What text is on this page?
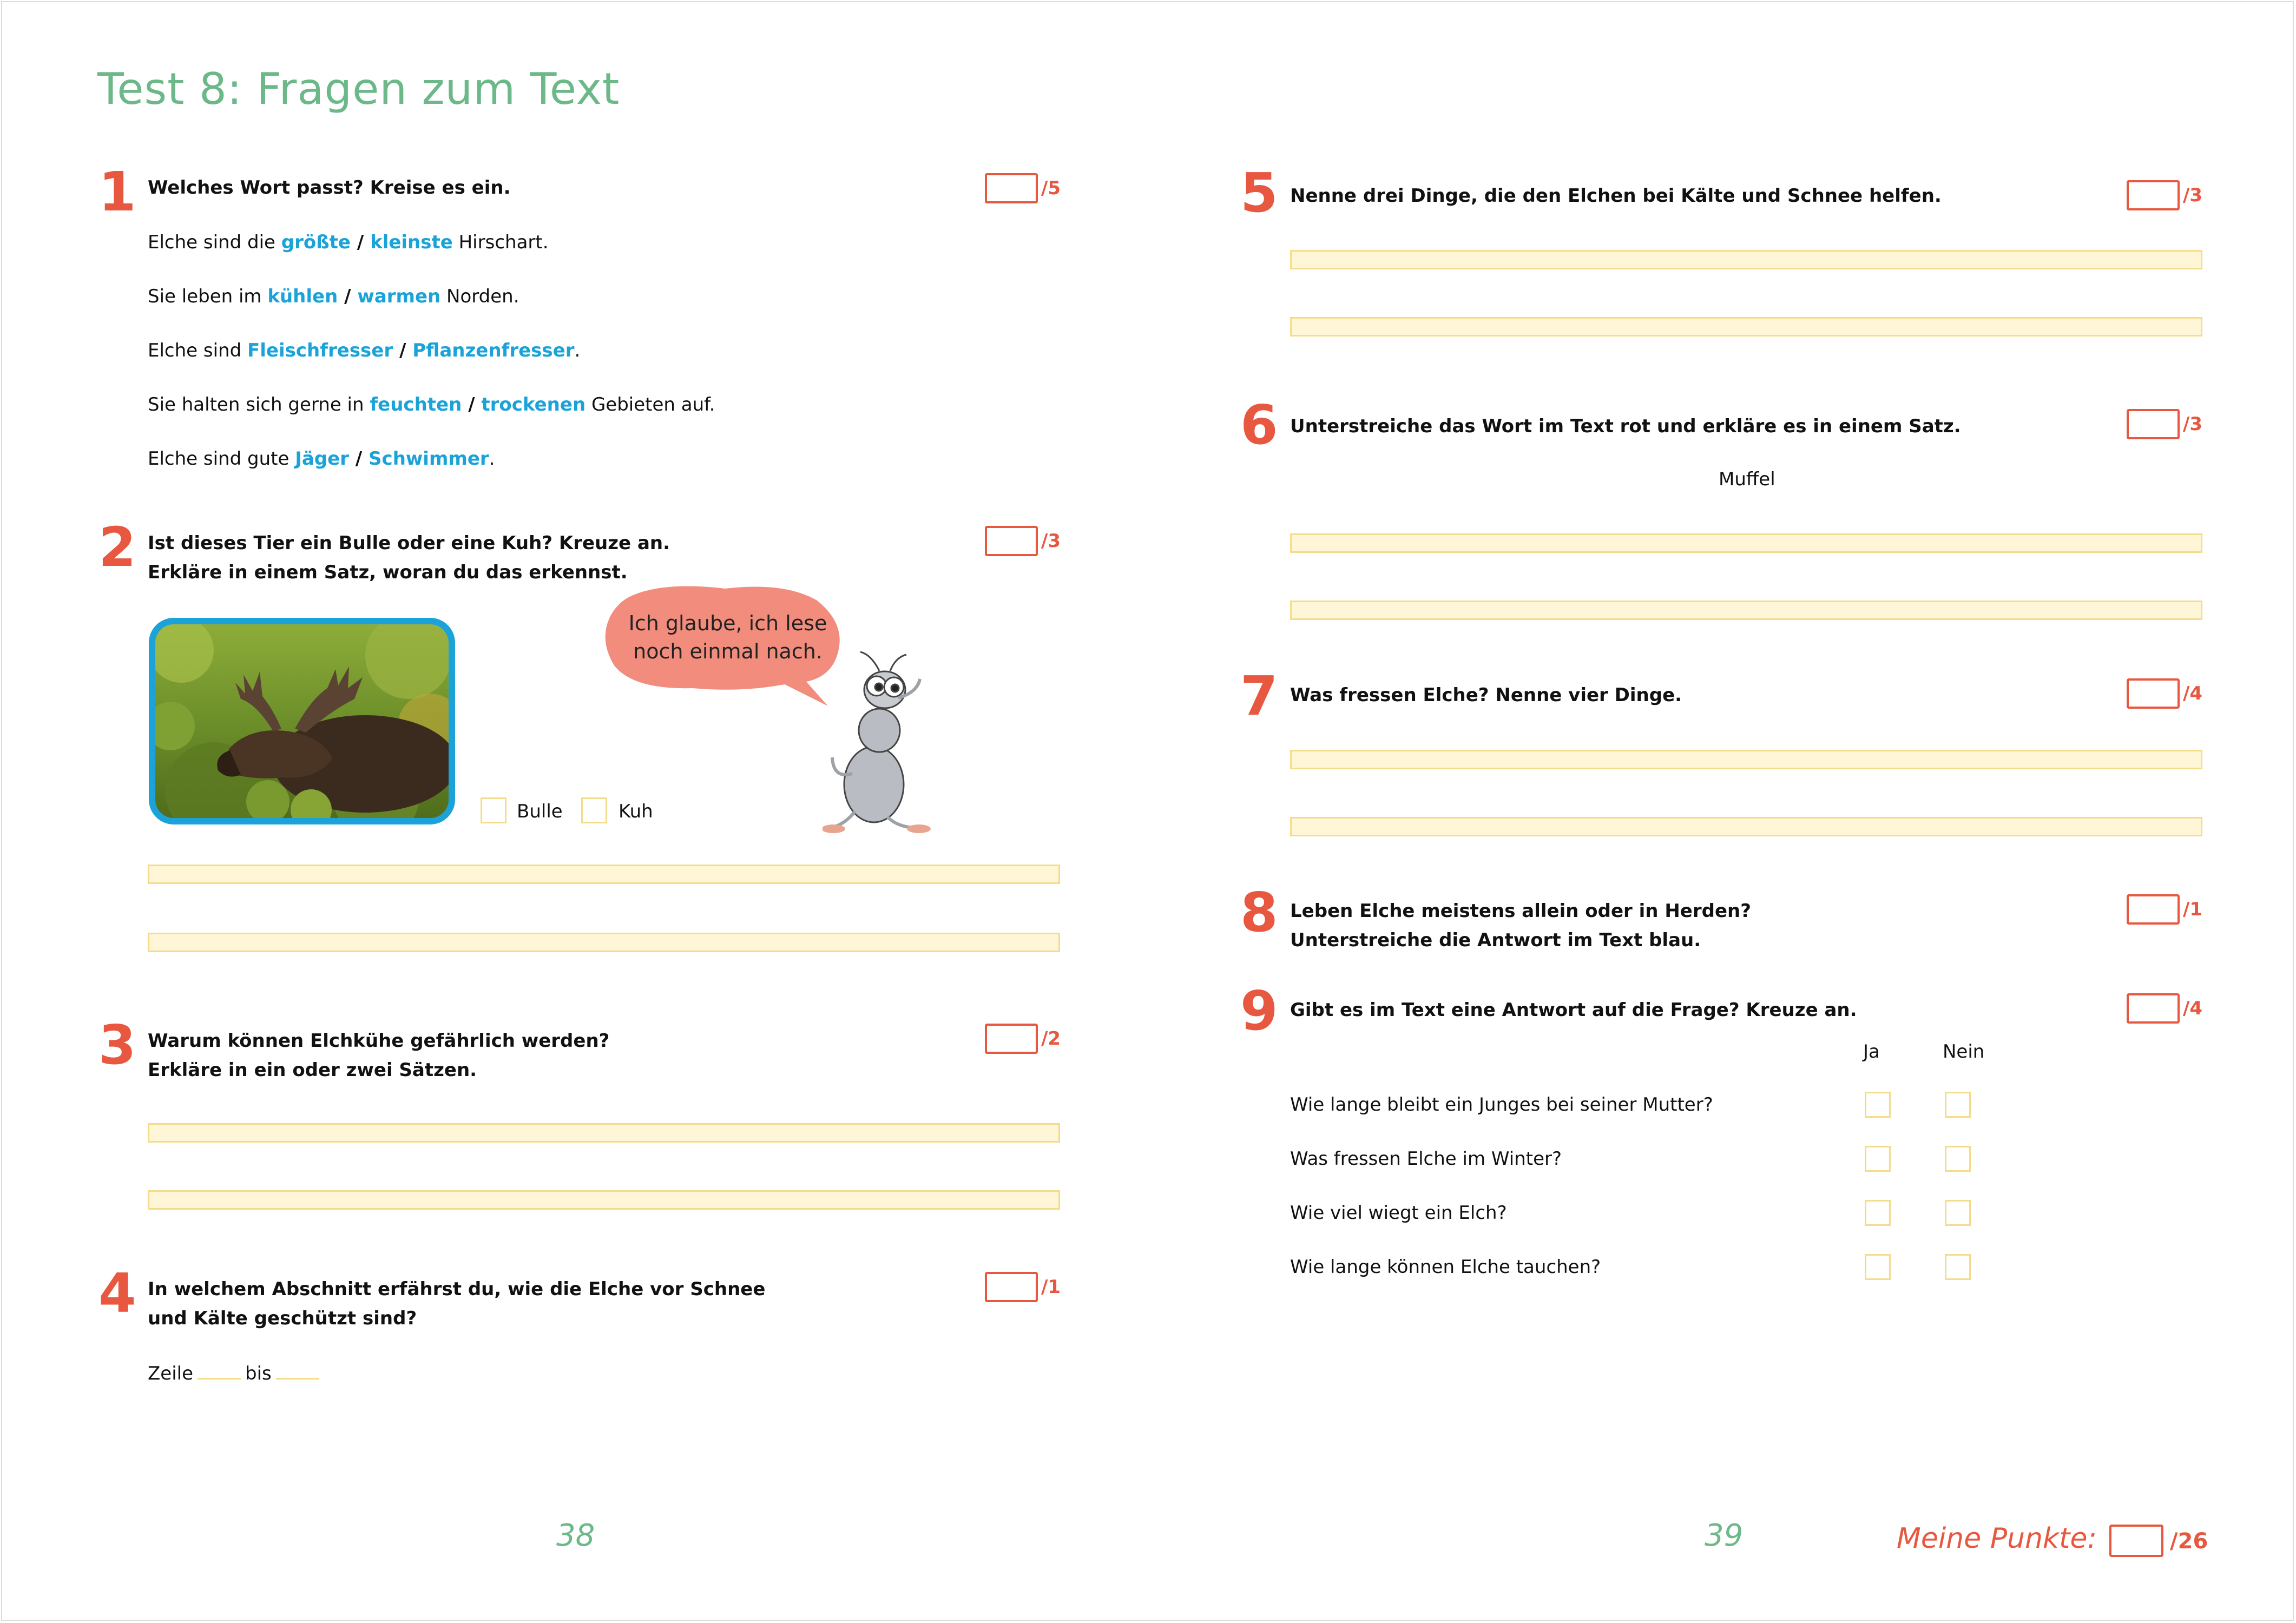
Test 8: Fragen zum Text
1 Welches Wort passt? Kreise es ein.	/5
Elche sind die größte / kleinste Hirschart.
Sie leben im kühlen / warmen Norden.
Elche sind Fleischfresser / Pflanzenfresser.
Sie halten sich gerne in feuchten / trockenen Gebieten auf.
Elche sind gute Jäger / Schwimmer.
2 Ist dieses Tier ein Bulle oder eine Kuh? Kreuze an.
Erkläre in einem Satz, woran du das erkennst.
/3
Ich glaube, ich lese
noch einmal nach.
Bulle	Kuh
3 Warum können Elchkühe gefährlich werden?
Erkläre in ein oder zwei Sätzen.
/2
4 In welchem Abschnitt erfährst du, wie die Elche vor Schnee
und Kälte geschützt sind?
/1
Zeile	bis
38
5 Nenne drei Dinge, die den Elchen bei Kälte und Schnee helfen.	/3
6 Unterstreiche das Wort im Text rot und erkläre es in einem Satz.	/3
Muffel
7 Was fressen Elche? Nenne vier Dinge.	/4
8 Leben Elche meistens allein oder in Herden?
Unterstreiche die Antwort im Text blau.
/1
9 Gibt es im Text eine Antwort auf die Frage? Kreuze an.	/4
Ja	Nein
Wie lange bleibt ein Junges bei seiner Mutter?
Was fressen Elche im Winter?
Wie viel wiegt ein Elch?
Wie lange können Elche tauchen?
39	Meine Punkte:	/26
